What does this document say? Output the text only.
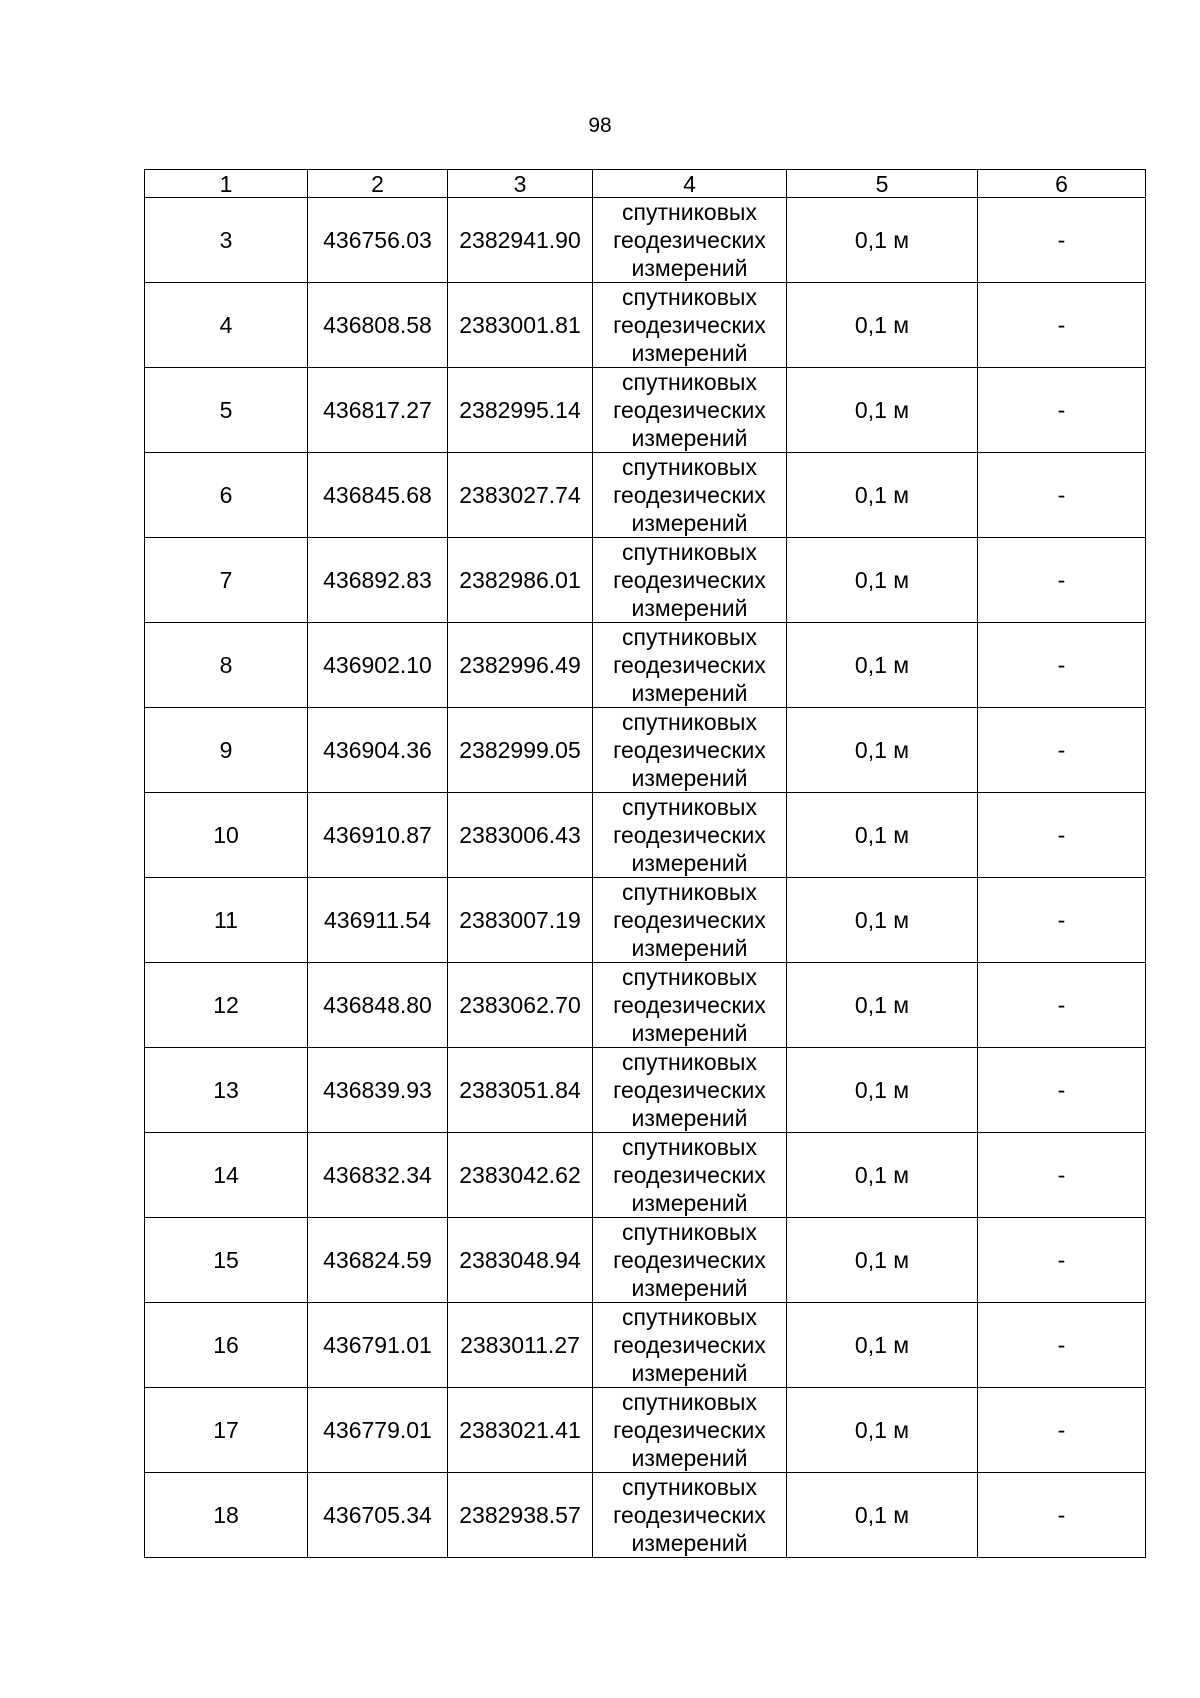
98
1	2	3	4	5	6
3	436756.03	2382941.90	спутниковых
геодезических
измерений	0,1 м	-
4	436808.58	2383001.81	спутниковых
геодезических
измерений	0,1 м	-
5	436817.27	2382995.14	спутниковых
геодезических
измерений	0,1 м	-
6	436845.68	2383027.74	спутниковых
геодезических
измерений	0,1 м	-
7	436892.83	2382986.01	спутниковых
геодезических
измерений	0,1 м	-
8	436902.10	2382996.49	спутниковых
геодезических
измерений	0,1 м	-
9	436904.36	2382999.05	спутниковых
геодезических
измерений	0,1 м	-
10	436910.87	2383006.43	спутниковых
геодезических
измерений	0,1 м	-
11	436911.54	2383007.19	спутниковых
геодезических
измерений	0,1 м	-
12	436848.80	2383062.70	спутниковых
геодезических
измерений	0,1 м	-
13	436839.93	2383051.84	спутниковых
геодезических
измерений	0,1 м	-
14	436832.34	2383042.62	спутниковых
геодезических
измерений	0,1 м	-
15	436824.59	2383048.94	спутниковых
геодезических
измерений	0,1 м	-
16	436791.01	2383011.27	спутниковых
геодезических
измерений	0,1 м	-
17	436779.01	2383021.41	спутниковых
геодезических
измерений	0,1 м	-
18	436705.34	2382938.57	спутниковых
геодезических
измерений	0,1 м	-
